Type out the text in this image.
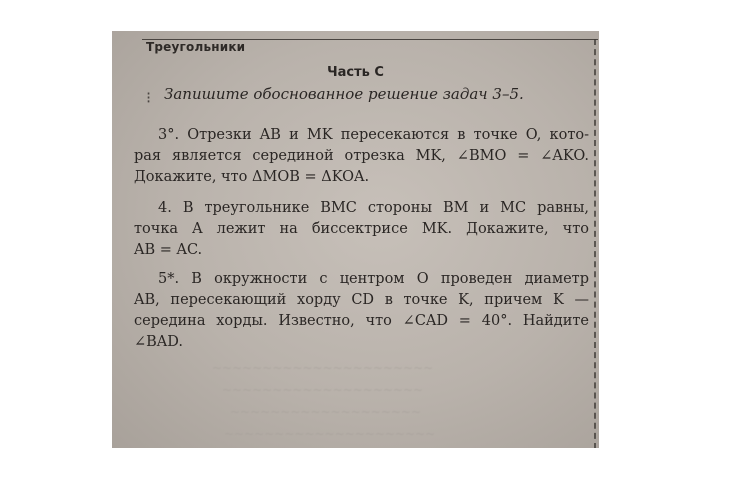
~~~~~~~~~~~~~~~~~~~~~~
~~~~~~~~~~~~~~~~~~~~
~~~~~~~~~~~~~~~~~~~
~~~~~~~~~~~~~~~~~~~~~
Треугольники
Часть С
⁝ Запишите обоснованное решение задач 3–5.
3°. Отрезки AB и MK пересекаются в точке O, кото-
рая является серединой отрезка MK, ∠BMO = ∠AKO.
Докажите, что ΔMOB = ΔKOA.
4. В треугольнике BMC стороны BM и MC равны,
точка A лежит на биссектрисе MK. Докажите, что
AB = AC.
5*. В окружности с центром O проведен диаметр
AB, пересекающий хорду CD в точке K, причем K —
середина хорды. Известно, что ∠CAD = 40°. Найдите
∠BAD.
